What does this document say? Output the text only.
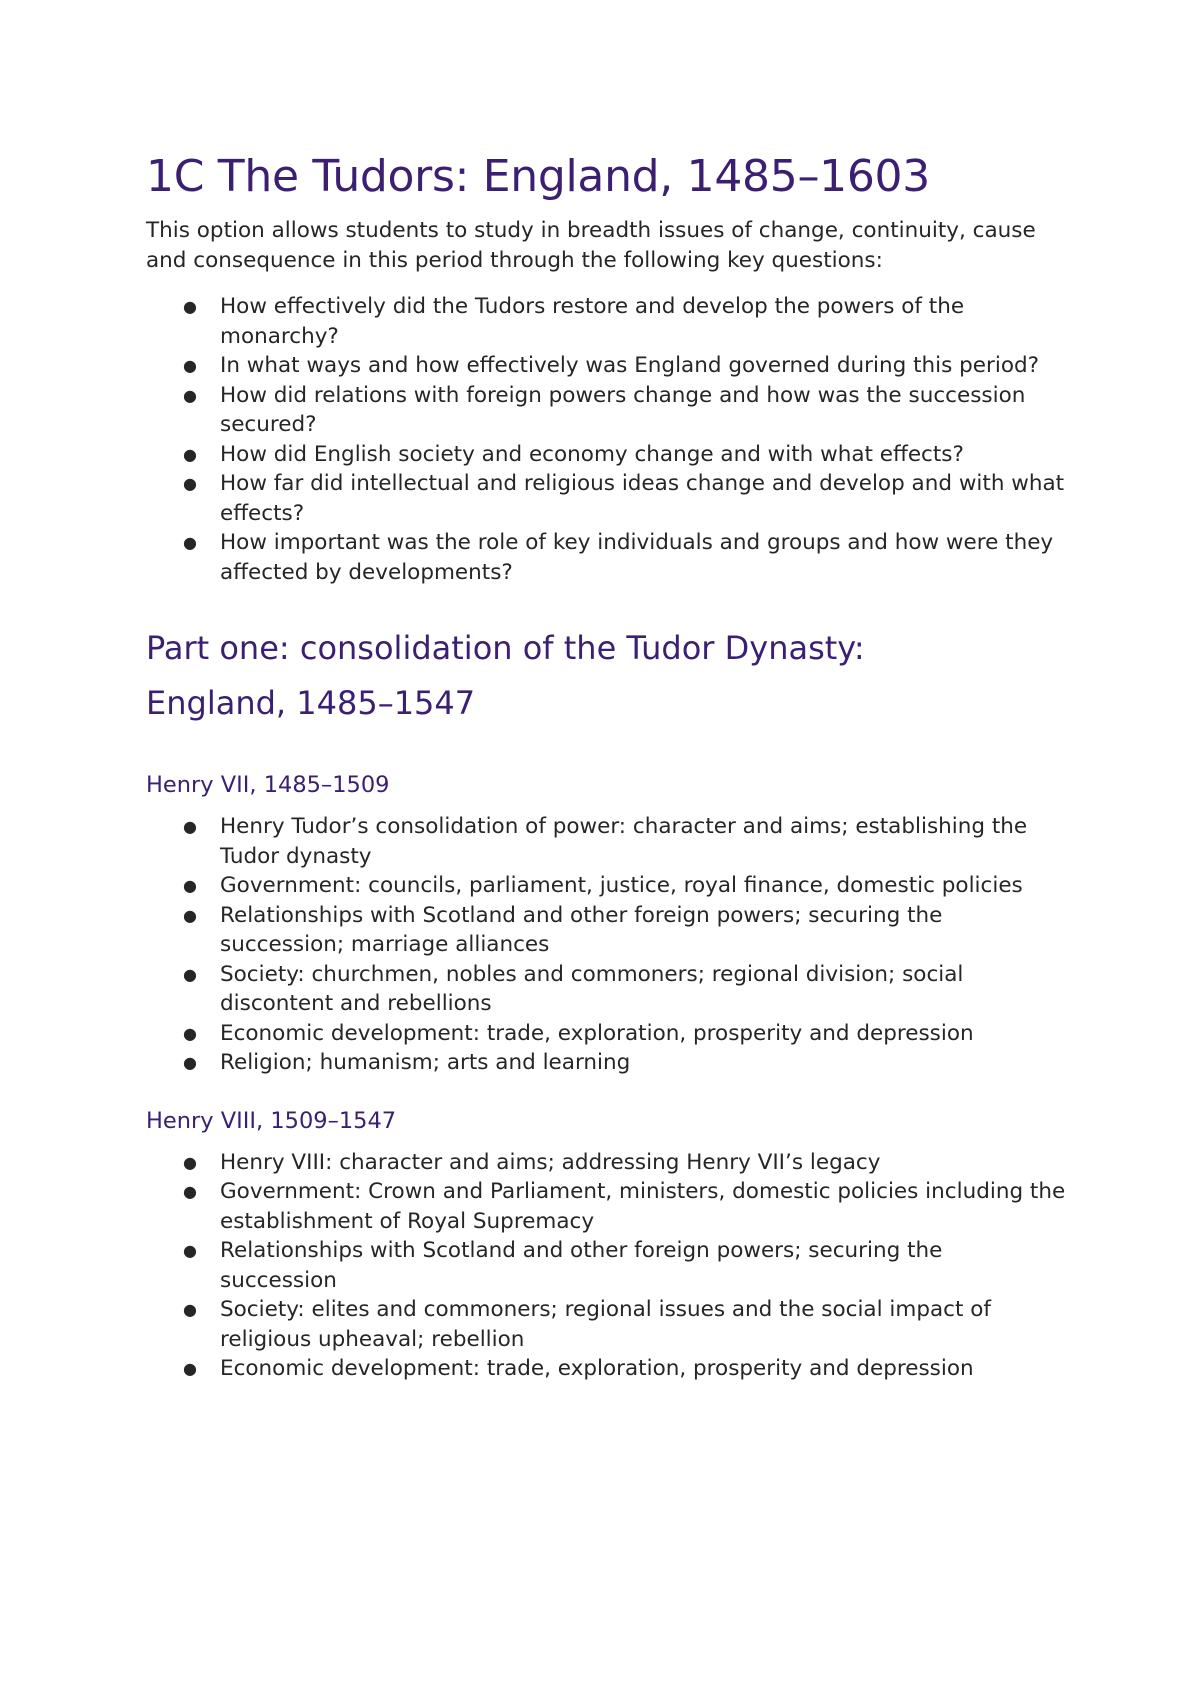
1C The Tudors: England, 1485–1603

This option allows students to study in breadth issues of change, continuity, cause and consequence in this period through the following key questions:

● How effectively did the Tudors restore and develop the powers of the monarchy?
● In what ways and how effectively was England governed during this period?
● How did relations with foreign powers change and how was the succession secured?
● How did English society and economy change and with what effects?
● How far did intellectual and religious ideas change and develop and with what effects?
● How important was the role of key individuals and groups and how were they affected by developments?
Part one: consolidation of the Tudor Dynasty: England, 1485–1547
Henry VII, 1485–1509
● Henry Tudor’s consolidation of power: character and aims; establishing the Tudor dynasty
● Government: councils, parliament, justice, royal finance, domestic policies
● Relationships with Scotland and other foreign powers; securing the succession; marriage alliances
● Society: churchmen, nobles and commoners; regional division; social discontent and rebellions
● Economic development: trade, exploration, prosperity and depression
● Religion; humanism; arts and learning
Henry VIII, 1509–1547
● Henry VIII: character and aims; addressing Henry VII’s legacy
● Government: Crown and Parliament, ministers, domestic policies including the establishment of Royal Supremacy
● Relationships with Scotland and other foreign powers; securing the succession
● Society: elites and commoners; regional issues and the social impact of religious upheaval; rebellion
● Economic development: trade, exploration, prosperity and depression
